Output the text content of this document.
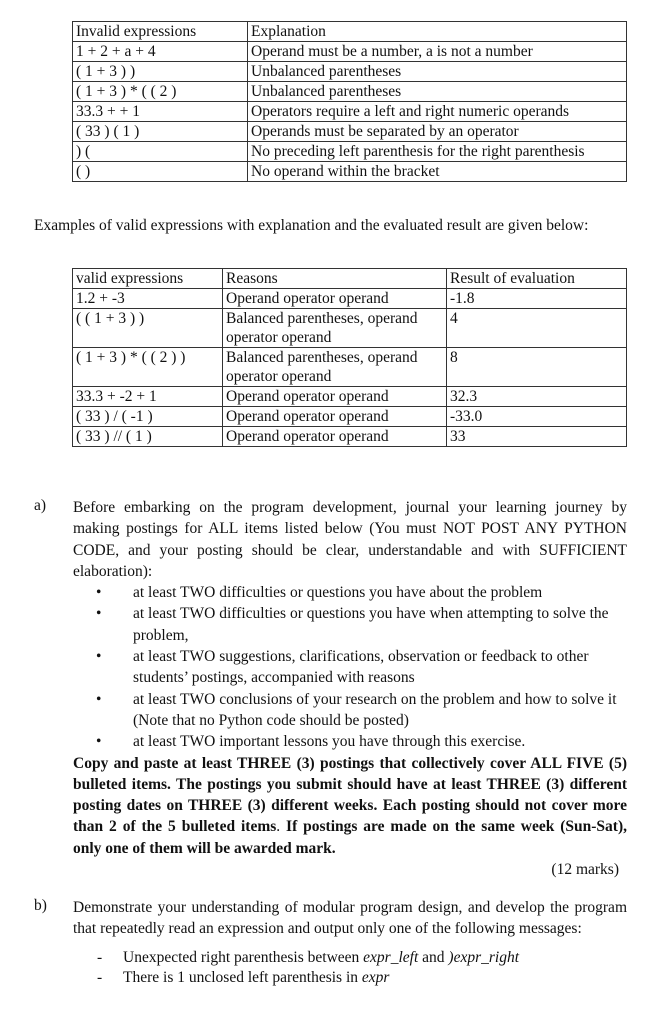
Invalid expressions	Explanation
1 + 2 + a + 4	Operand must be a number, a is not a number
( 1 + 3 ) )	Unbalanced parentheses
( 1 + 3 ) * ( ( 2 )	Unbalanced parentheses
33.3 + + 1	Operators require a left and right numeric operands
( 33 ) ( 1 )	Operands must be separated by an operator
) (	No preceding left parenthesis for the right parenthesis
( )	No operand within the bracket
Examples of valid expressions with explanation and the evaluated result are given below:
valid expressions	Reasons	Result of evaluation
1.2 + -3	Operand operator operand	-1.8
( ( 1 + 3 ) )	Balanced parentheses, operand operator operand	4
( 1 + 3 ) * ( ( 2 ) )	Balanced parentheses, operand operator operand	8
33.3 + -2 + 1	Operand operator operand	32.3
( 33 ) / ( -1 )	Operand operator operand	-33.0
( 33 ) // ( 1 )	Operand operator operand	33
a) Before embarking on the program development, journal your learning journey by making postings for ALL items listed below (You must NOT POST ANY PYTHON CODE, and your posting should be clear, understandable and with SUFFICIENT elaboration):
• at least TWO difficulties or questions you have about the problem
• at least TWO difficulties or questions you have when attempting to solve the problem,
• at least TWO suggestions, clarifications, observation or feedback to other students’ postings, accompanied with reasons
• at least TWO conclusions of your research on the problem and how to solve it (Note that no Python code should be posted)
• at least TWO important lessons you have through this exercise.
Copy and paste at least THREE (3) postings that collectively cover ALL FIVE (5) bulleted items. The postings you submit should have at least THREE (3) different posting dates on THREE (3) different weeks. Each posting should not cover more than 2 of the 5 bulleted items. If postings are made on the same week (Sun-Sat), only one of them will be awarded mark.
(12 marks)
b) Demonstrate your understanding of modular program design, and develop the program that repeatedly read an expression and output only one of the following messages:
- Unexpected right parenthesis between expr_left and )expr_right
- There is 1 unclosed left parenthesis in expr
